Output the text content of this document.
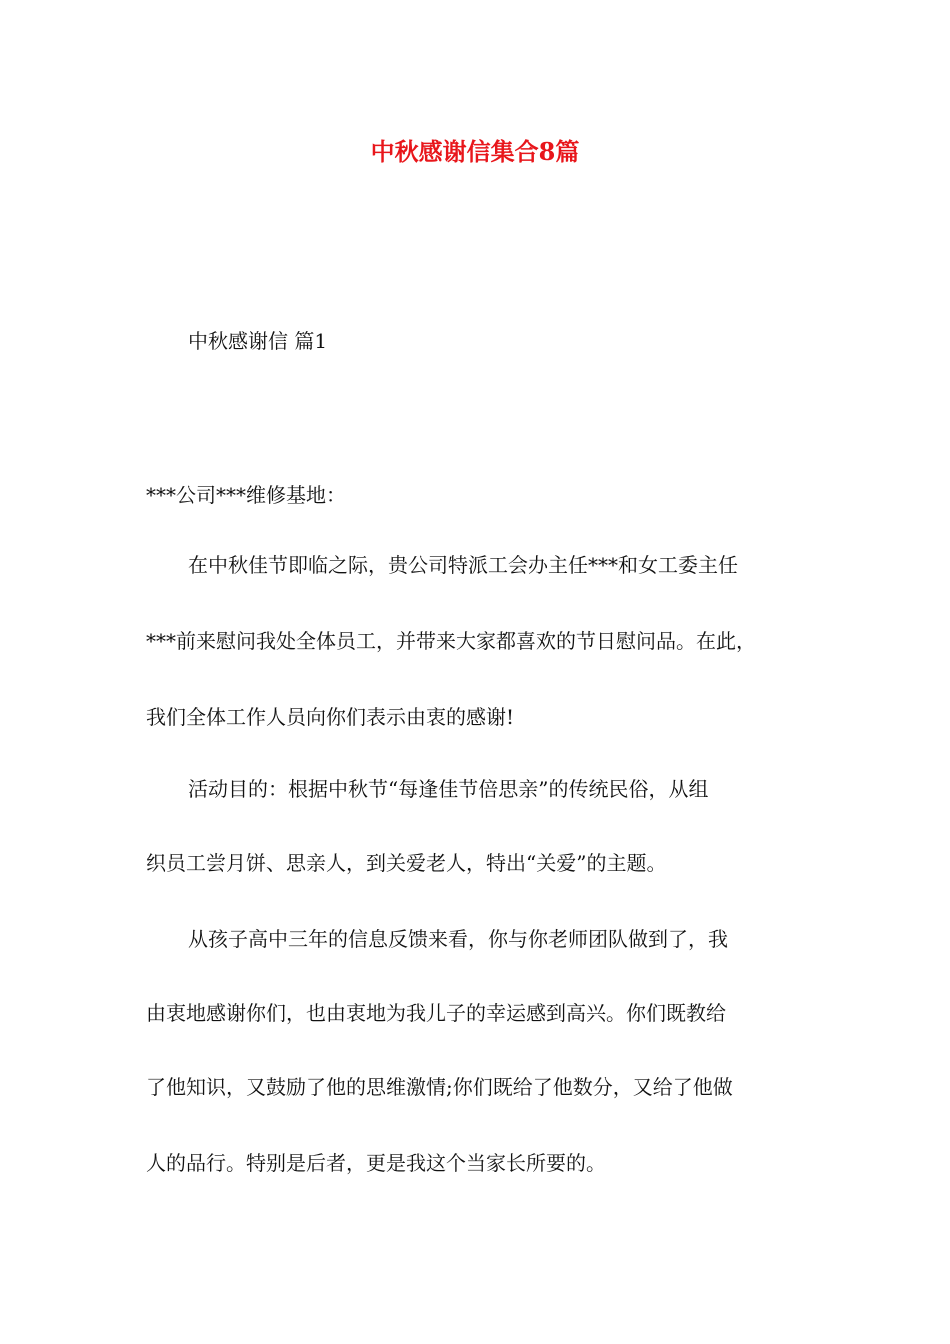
中秋感谢信集合8篇
中秋感谢信 篇1
***公司***维修基地：
在中秋佳节即临之际，贵公司特派工会办主任***和女工委主任
***前来慰问我处全体员工，并带来大家都喜欢的节日慰问品。在此，
我们全体工作人员向你们表示由衷的感谢!
活动目的：根据中秋节“每逢佳节倍思亲”的传统民俗，从组
织员工尝月饼、思亲人，到关爱老人，特出“关爱”的主题。
从孩子高中三年的信息反馈来看，你与你老师团队做到了，我
由衷地感谢你们，也由衷地为我儿子的幸运感到高兴。你们既教给
了他知识，又鼓励了他的思维激情;你们既给了他数分，又给了他做
人的品行。特别是后者，更是我这个当家长所要的。
